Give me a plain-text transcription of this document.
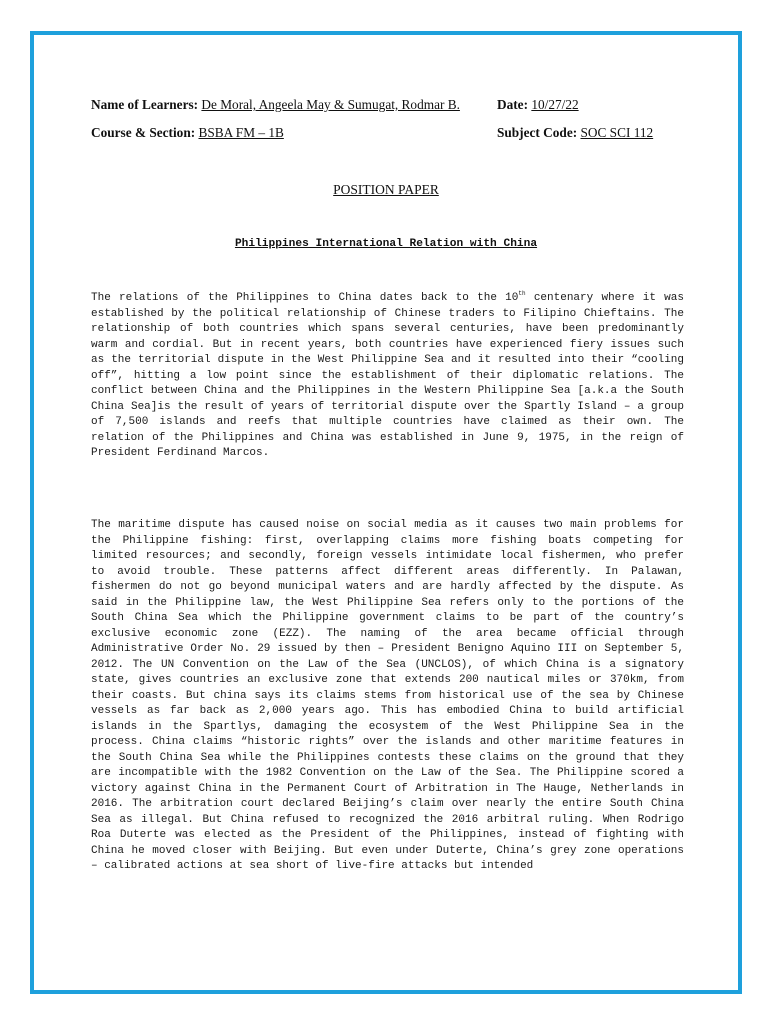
Name of Learners: De Moral, Angeela May & Sumugat, Rodmar B.	Date: 10/27/22
Course & Section: BSBA FM – 1B	Subject Code: SOC SCI 112
POSITION PAPER
Philippines International Relation with China

The relations of the Philippines to China dates back to the 10th centenary where it was established by the political relationship of Chinese traders to Filipino Chieftains. The relationship of both countries which spans several centuries, have been predominantly warm and cordial. But in recent years, both countries have experienced fiery issues such as the territorial dispute in the West Philippine Sea and it resulted into their “cooling off”, hitting a low point since the establishment of their diplomatic relations. The conflict between China and the Philippines in the Western Philippine Sea [a.k.a the South China Sea]is the result of years of territorial dispute over the Spartly Island – a group of 7,500 islands and reefs that multiple countries have claimed as their own. The relation of the Philippines and China was established in June 9, 1975, in the reign of President Ferdinand Marcos.

The maritime dispute has caused noise on social media as it causes two main problems for the Philippine fishing: first, overlapping claims more fishing boats competing for limited resources; and secondly, foreign vessels intimidate local fishermen, who prefer to avoid trouble. These patterns affect different areas differently. In Palawan, fishermen do not go beyond municipal waters and are hardly affected by the dispute. As said in the Philippine law, the West Philippine Sea refers only to the portions of the South China Sea which the Philippine government claims to be part of the country’s exclusive economic zone (EZZ). The naming of the area became official through Administrative Order No. 29 issued by then – President Benigno Aquino III on September 5, 2012. The UN Convention on the Law of the Sea (UNCLOS), of which China is a signatory state, gives countries an exclusive zone that extends 200 nautical miles or 370km, from their coasts. But china says its claims stems from historical use of the sea by Chinese vessels as far back as 2,000 years ago. This has embodied China to build artificial islands in the Spartlys, damaging the ecosystem of the West Philippine Sea in the process. China claims “historic rights” over the islands and other maritime features in the South China Sea while the Philippines contests these claims on the ground that they are incompatible with the 1982 Convention on the Law of the Sea. The Philippine scored a victory against China in the Permanent Court of Arbitration in The Hauge, Netherlands in 2016. The arbitration court declared Beijing’s claim over nearly the entire South China Sea as illegal. But China refused to recognized the 2016 arbitral ruling. When Rodrigo Roa Duterte was elected as the President of the Philippines, instead of fighting with China he moved closer with Beijing. But even under Duterte, China’s grey zone operations – calibrated actions at sea short of live-fire attacks but intended
